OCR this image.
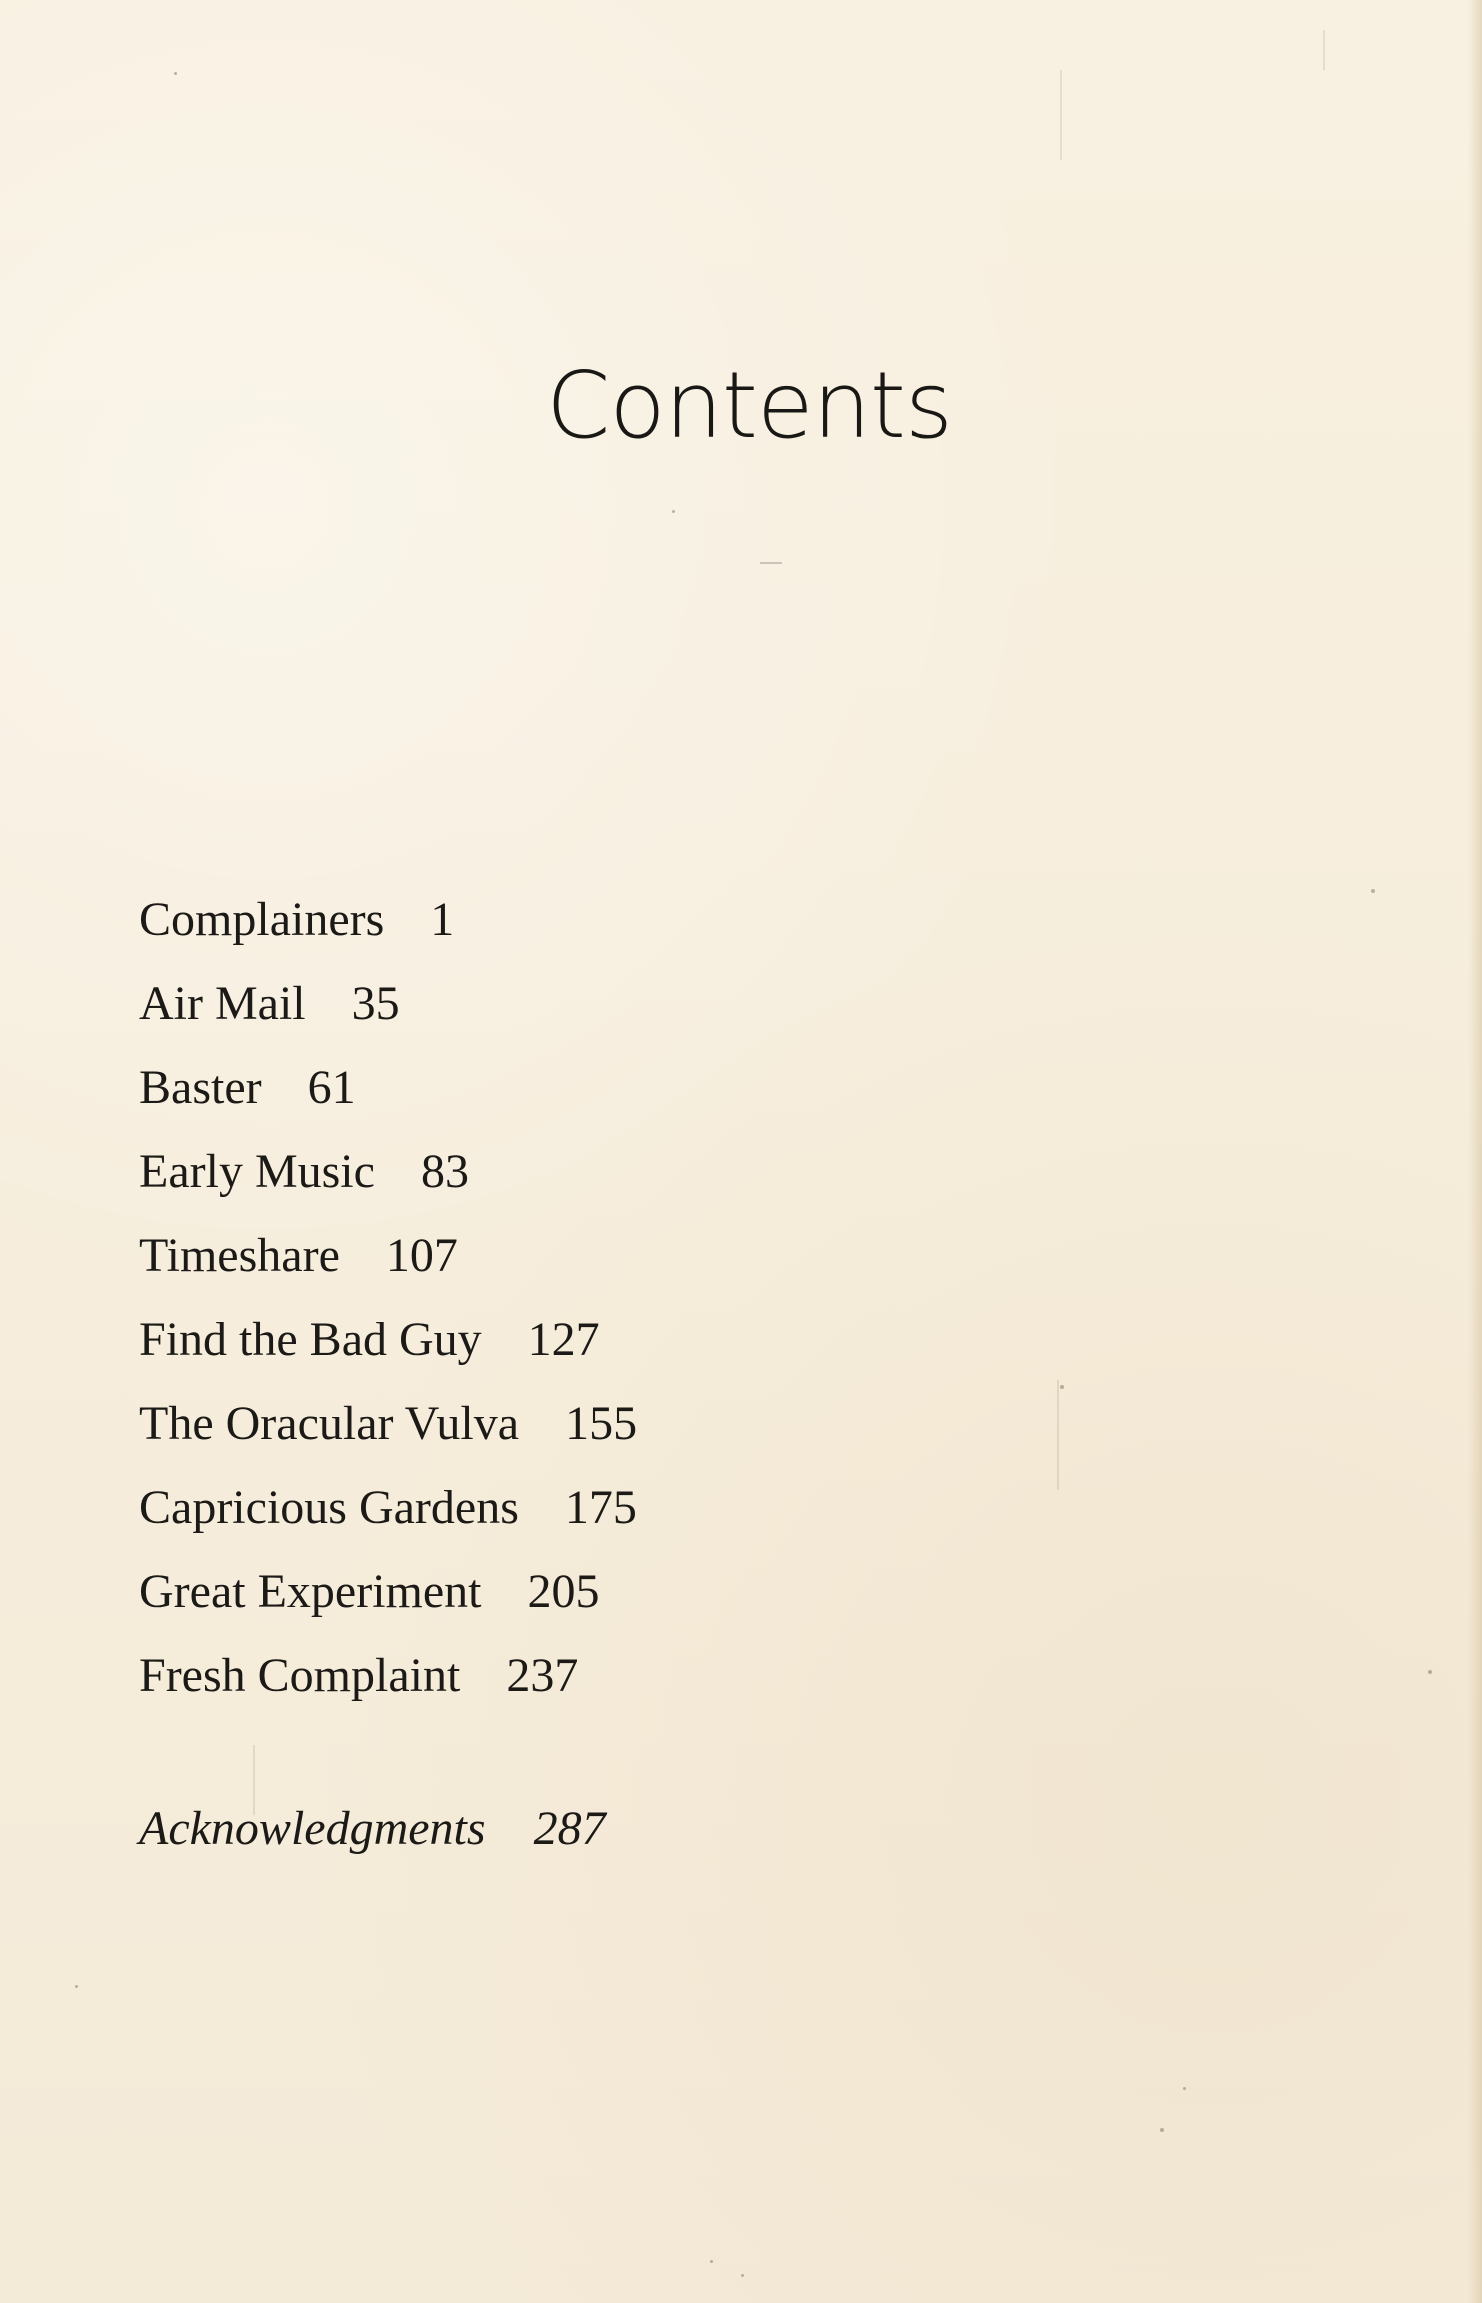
Contents
Complainers 1
Air Mail 35
Baster 61
Early Music 83
Timeshare 107
Find the Bad Guy 127
The Oracular Vulva 155
Capricious Gardens 175
Great Experiment 205
Fresh Complaint 237
Acknowledgments 287
